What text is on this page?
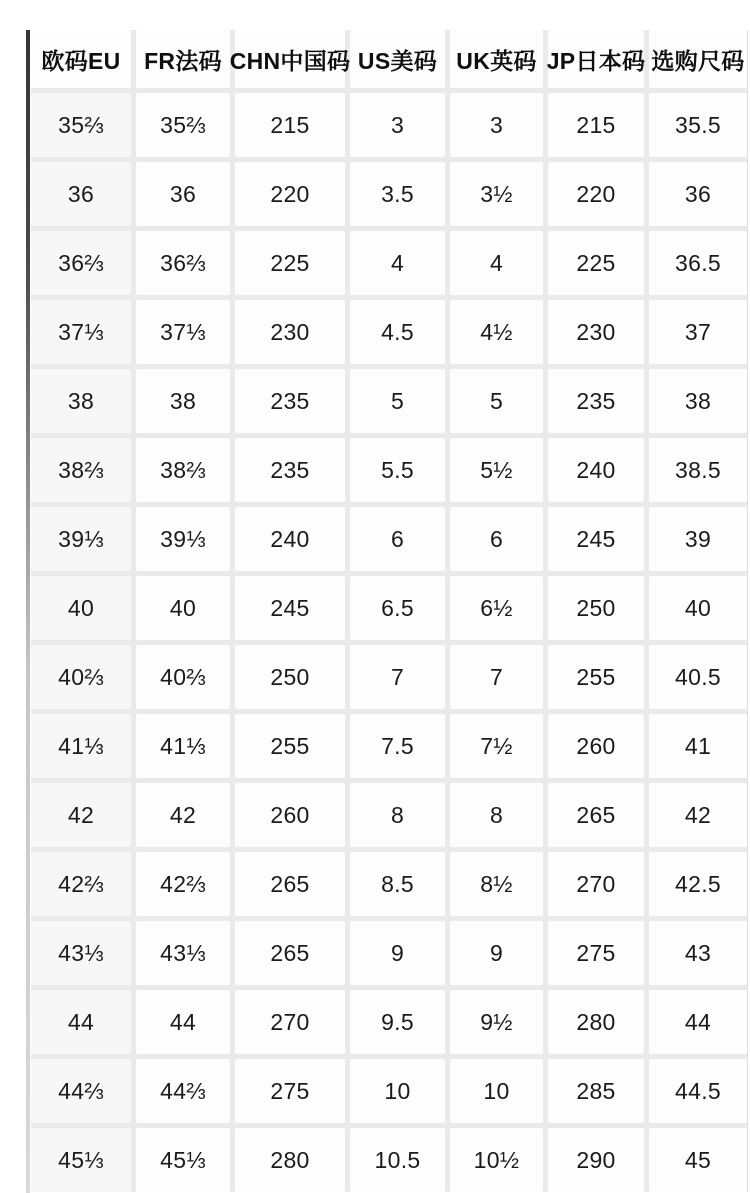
欧码EU	FR法码 CHN中国码 US美码 UK英码 JP日本码 选购尺码
35⅔	35⅔	215	3	3	215	35.5
36	36	220	3.5	3½	220	36
36⅔	36⅔	225	4	4	225	36.5
37⅓	37⅓	230	4.5	4½	230	37
38	38	235	5	5	235	38
38⅔	38⅔	235	5.5	5½	240	38.5
39⅓	39⅓	240	6	6	245	39
40	40	245	6.5	6½	250	40
40⅔	40⅔	250	7	7	255	40.5
41⅓	41⅓	255	7.5	7½	260	41
42	42	260	8	8	265	42
42⅔	42⅔	265	8.5	8½	270	42.5
43⅓	43⅓	265	9	9	275	43
44	44	270	9.5	9½	280	44
44⅔	44⅔	275	10	10	285	44.5
45⅓	45⅓	280	10.5	10½	290	45
